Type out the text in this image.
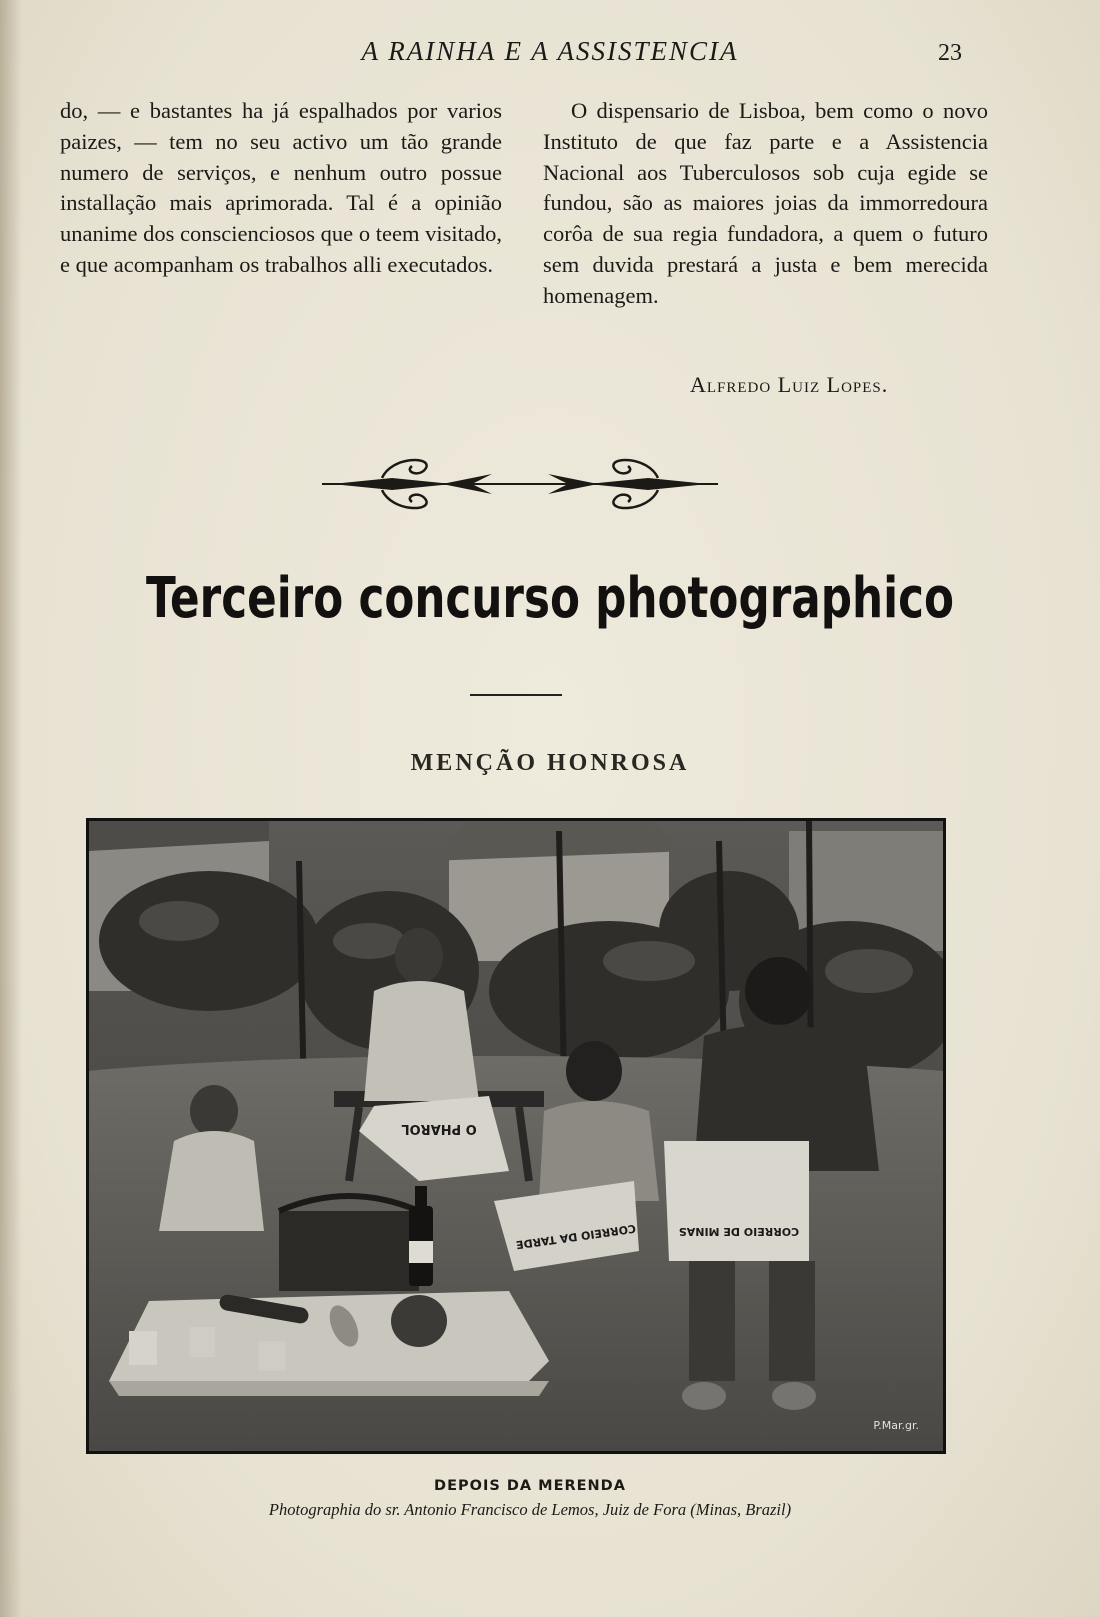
A RAINHA E A ASSISTENCIA	23

do, — e bastantes ha já espalhados por varios paizes, — tem no seu activo um tão grande numero de serviços, e nenhum outro possue installação mais aprimorada. Tal é a opinião unanime dos conscienciosos que o teem visitado, e que acompanham os trabalhos alli executados.

O dispensario de Lisboa, bem como o novo Instituto de que faz parte e a Assistencia Nacional aos Tuberculosos sob cuja egide se fundou, são as maiores joias da immorredoura corôa de sua regia fundadora, a quem o futuro sem duvida prestará a justa e bem merecida homenagem.

Alfredo Luiz Lopes.
Terceiro concurso photographico
MENÇÃO HONROSA
O PHAROL
CORREIO DA TARDE	CORREIO DE MINAS
P.Mar.gr.
DEPOIS DA MERENDA
Photographia do sr. Antonio Francisco de Lemos, Juiz de Fora (Minas, Brazil)
